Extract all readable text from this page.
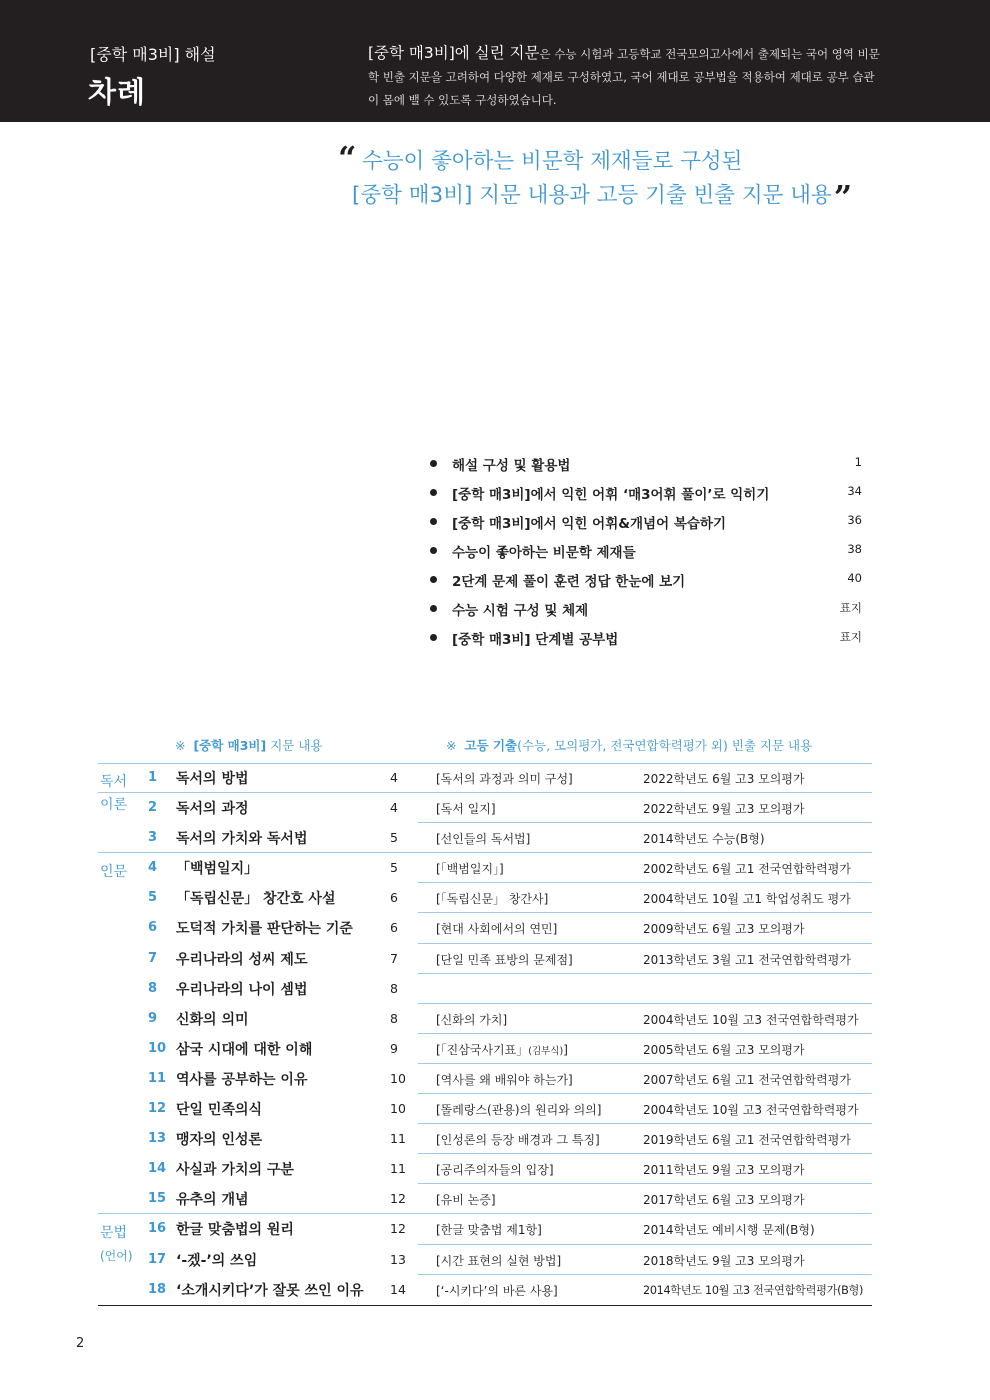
[중학 매3비] 해설
차례
[중학 매3비]에 실린 지문은 수능 시험과 고등학교 전국모의고사에서 출제되는 국어 영역 비문학 빈출 지문을 고려하여 다양한 제재로 구성하였고, 국어 제대로 공부법을 적용하여 제대로 공부 습관이 몸에 밸 수 있도록 구성하였습니다.
“ 수능이 좋아하는 비문학 제재들로 구성된
[중학 매3비] 지문 내용과 고등 기출 빈출 지문 내용”
해설 구성 및 활용법	1
[중학 매3비]에서 익힌 어휘 ‘매3어휘 풀이’로 익히기	34
[중학 매3비]에서 익힌 어휘&개념어 복습하기	36
수능이 좋아하는 비문학 제재들	38
2단계 문제 풀이 훈련 정답 한눈에 보기	40
수능 시험 구성 및 체제	표지
[중학 매3비] 단계별 공부법	표지
※ [중학 매3비] 지문 내용	※ 고등 기출(수능, 모의평가, 전국연합학력평가 외) 빈출 지문 내용
독서
이론
1 독서의 방법	4	[독서의 과정과 의미 구성]	2022학년도 6월 고3 모의평가
2 독서의 과정	4	[독서 일지]	2022학년도 9월 고3 모의평가
3 독서의 가치와 독서법	5	[선인들의 독서법]	2014학년도 수능(B형)
인문 4 「백범일지」	5	[「백범일지」]	2002학년도 6월 고1 전국연합학력평가
5 「독립신문」 창간호 사설	6	[「독립신문」 창간사]	2004학년도 10월 고1 학업성취도 평가
6 도덕적 가치를 판단하는 기준	6	[현대 사회에서의 연민]	2009학년도 6월 고3 모의평가
7 우리나라의 성씨 제도	7	[단일 민족 표방의 문제점]	2013학년도 3월 고1 전국연합학력평가
8 우리나라의 나이 셈법	8
9 신화의 의미	8	[신화의 가치]	2004학년도 10월 고3 전국연합학력평가
10 삼국 시대에 대한 이해	9	[「진삼국사기표」(김부식)]	2005학년도 6월 고3 모의평가
11 역사를 공부하는 이유	10	[역사를 왜 배워야 하는가]	2007학년도 6월 고1 전국연합학력평가
12 단일 민족의식	10	[똘레랑스(관용)의 원리와 의의]	2004학년도 10월 고3 전국연합학력평가
13 맹자의 인성론	11	[인성론의 등장 배경과 그 특징]	2019학년도 6월 고1 전국연합학력평가
14 사실과 가치의 구분	11	[공리주의자들의 입장]	2011학년도 9월 고3 모의평가
15 유추의 개념	12	[유비 논증]	2017학년도 6월 고3 모의평가
문법
(언어)
16 한글 맞춤법의 원리	12	[한글 맞춤법 제1항]	2014학년도 예비시행 문제(B형)
17 ‘-겠-’의 쓰임	13	[시간 표현의 실현 방법]	2018학년도 9월 고3 모의평가
18 ‘소개시키다’가 잘못 쓰인 이유 14	[‘-시키다’의 바른 사용]	2014학년도 10월 고3 전국연합학력평가(B형)
2
